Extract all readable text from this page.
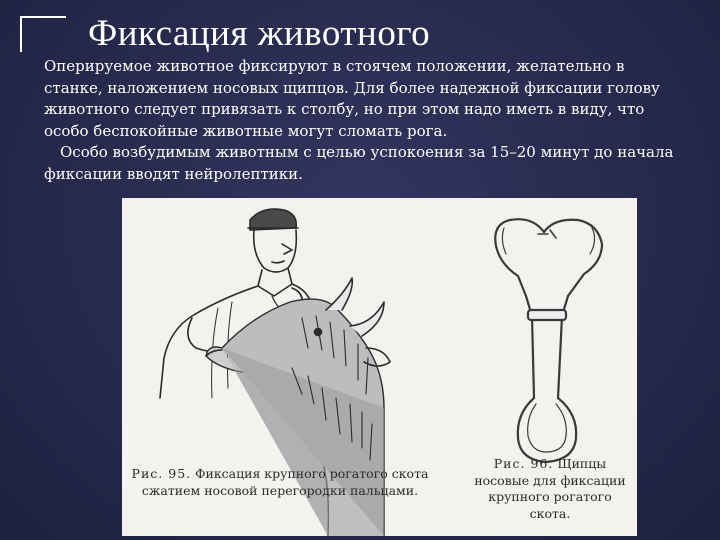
Фиксация животного

Оперируемое животное фиксируют в стоячем положении, желательно в станке, наложением носовых щипцов. Для более надежной фиксации голову животного следует привязать к столбу, но при этом надо иметь в виду, что особо беспокойные животные могут сломать рога.

Особо возбудимым животным с целью успокоения за 15–20 минут до начала фиксации вводят нейролептики.

Рис. 95. Фиксация крупного рогатого скота сжатием носовой перегородки пальцами.
Рис. 96. Щипцы носовые для фиксации крупного рогатого скота.
